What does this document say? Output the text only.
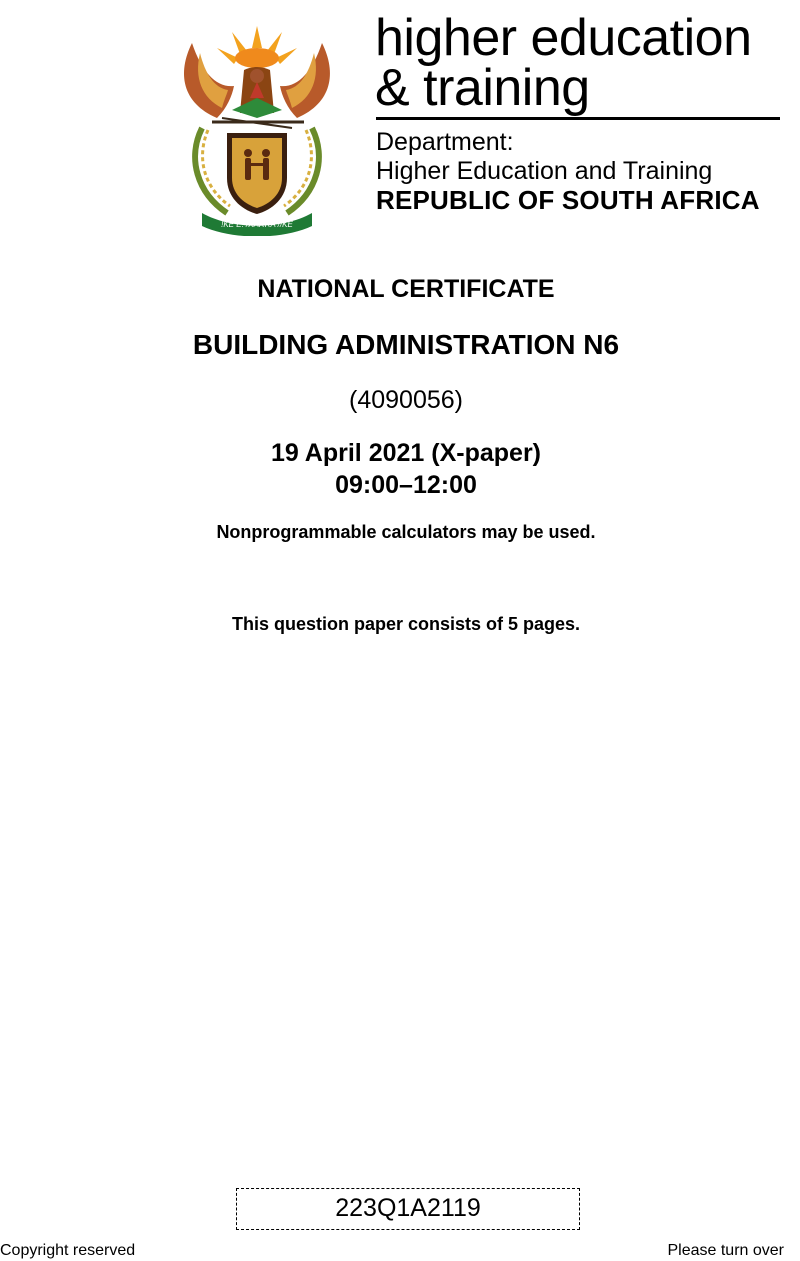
!KE E: /XARRA //KE
higher education
& training
Department:
Higher Education and Training
REPUBLIC OF SOUTH AFRICA
NATIONAL CERTIFICATE
BUILDING ADMINISTRATION N6
(4090056)
19 April 2021 (X-paper)
09:00–12:00
Nonprogrammable calculators may be used.
This question paper consists of 5 pages.
223Q1A2119
Copyright reserved	Please turn over
